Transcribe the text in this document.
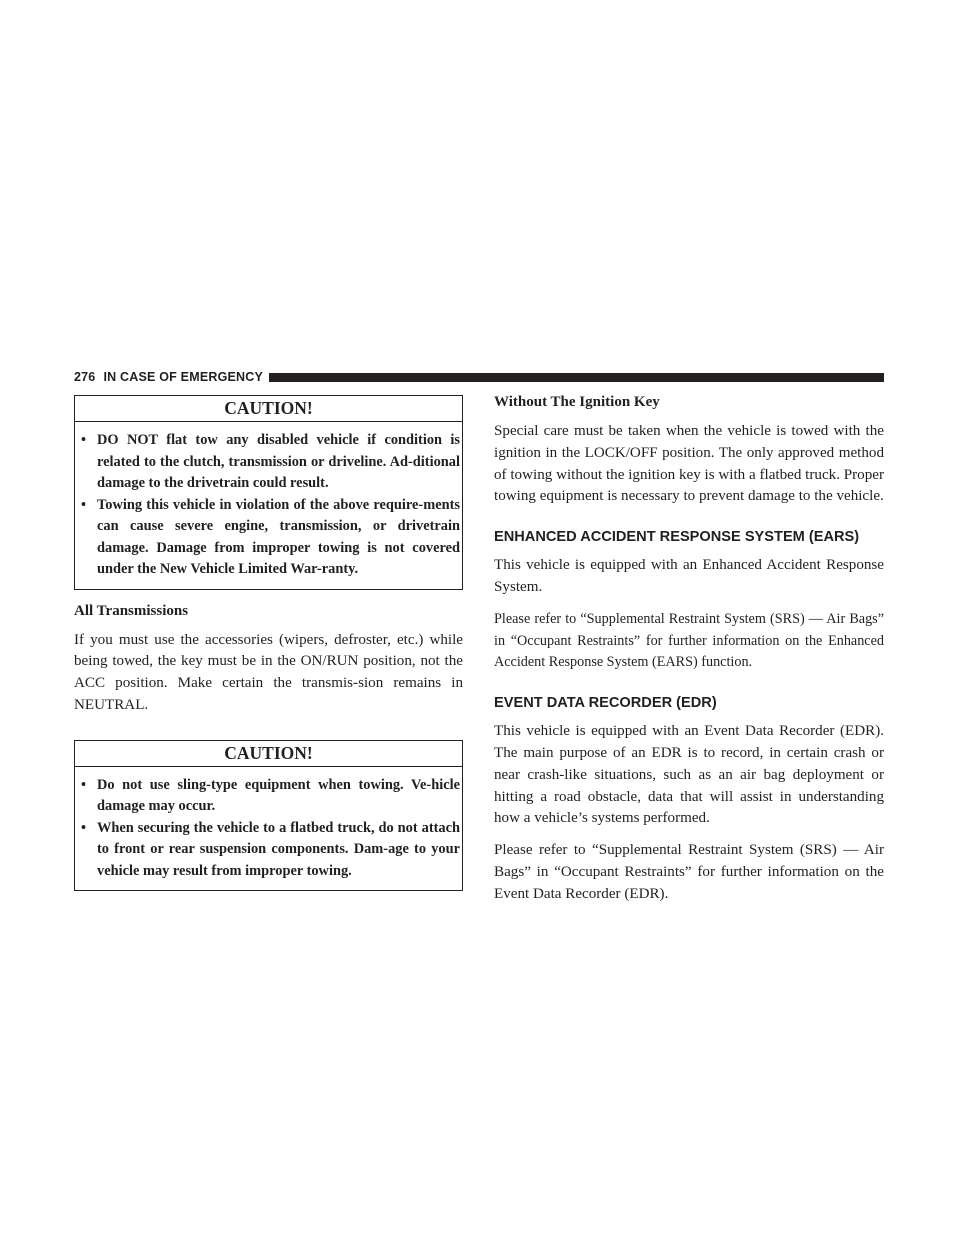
276 IN CASE OF EMERGENCY
CAUTION!
• DO NOT flat tow any disabled vehicle if condition is related to the clutch, transmission or driveline. Ad-ditional damage to the drivetrain could result.
• Towing this vehicle in violation of the above require-ments can cause severe engine, transmission, or drivetrain damage. Damage from improper towing is not covered under the New Vehicle Limited War-ranty.

All Transmissions

If you must use the accessories (wipers, defroster, etc.) while being towed, the key must be in the ON/RUN position, not the ACC position. Make certain the transmis-sion remains in NEUTRAL.

CAUTION!
• Do not use sling-type equipment when towing. Ve-hicle damage may occur.
• When securing the vehicle to a flatbed truck, do not attach to front or rear suspension components. Dam-age to your vehicle may result from improper towing.

Without The Ignition Key

Special care must be taken when the vehicle is towed with the ignition in the LOCK/OFF position. The only approved method of towing without the ignition key is with a flatbed truck. Proper towing equipment is necessary to prevent damage to the vehicle.

ENHANCED ACCIDENT RESPONSE SYSTEM (EARS)

This vehicle is equipped with an Enhanced Accident Response System.

Please refer to “Supplemental Restraint System (SRS) — Air Bags” in “Occupant Restraints” for further information on the Enhanced Accident Response System (EARS) function.

EVENT DATA RECORDER (EDR)

This vehicle is equipped with an Event Data Recorder (EDR). The main purpose of an EDR is to record, in certain crash or near crash-like situations, such as an air bag deployment or hitting a road obstacle, data that will assist in understanding how a vehicle’s systems performed.

Please refer to “Supplemental Restraint System (SRS) — Air Bags” in “Occupant Restraints” for further information on the Event Data Recorder (EDR).
